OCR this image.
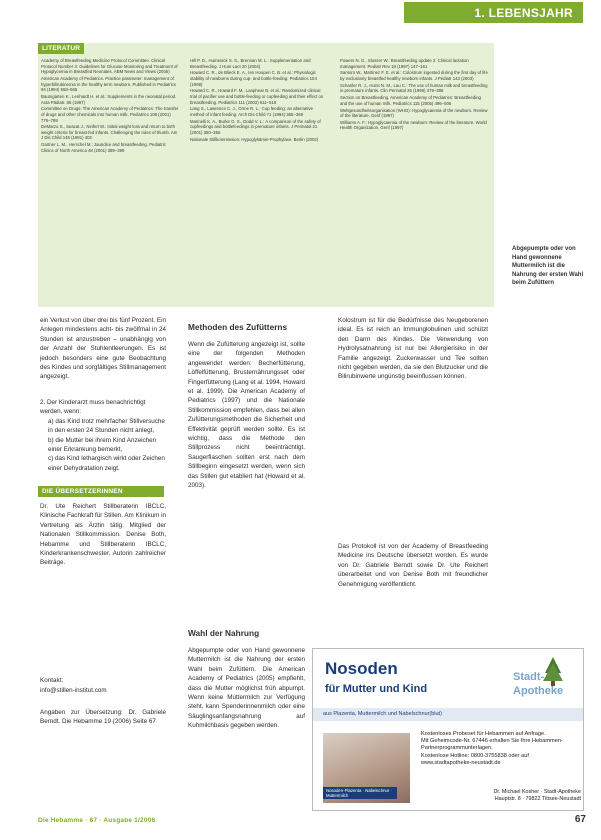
1. LEBENSJAHR
LITERATUR

Academy of Breastfeeding Medicine Protocol Committee. Clinical Protocol Number 3: Guidelines for Glucose Monitoring and Treatment of Hypoglycemia in Breastfed Neonates. ABM News and Views (2006)

American Academy of Pediatrics. Practice parameter: management of hyperbilirubinemia in the healthy term newborn. Published in Pediatrics 94 (1994) 558–565

Baumgarten K., Lenhardt H. et al.: Supplements in the neonatal period. Acta Pädiatr. 86 (1997)

Committee on Drugs. The American Academy of Pediatrics: The transfer of drugs and other chemicals into human milk. Pediatrics 108 (2001) 776–789

DeMarzo S., Seacat J., Neifert M.: Initial weight loss and return to birth weight criteria for breast-fed infants. Challenging the rules of thumb. Am J Dis Child 145 (1991) 402

Gartner L. M., Herschel M.: Jaundice and breastfeeding. Pediatric Clinics of North America 48 (2001) 389–399

Hill P. D., Humenick S. S., Brennan M. L.: Supplementation and Breastfeeding. J Hum Lact 20 (2004)

Howard C. R., de Blieck E. A., ten Hoopen C. B. et al.: Physiologic stability of newborns during cup- and bottle-feeding. Pediatrics 104 (1999)

Howard C. R., Howard F. M., Lanphear B. et al.: Randomized clinical trial of pacifier use and bottle-feeding or cupfeeding and their effect on breastfeeding. Pediatrics 111 (2003) 511–518

Lang S., Lawrence C. J., Orme R. L.: Cup feeding: an alternative method of infant feeding. Arch Dis Child 71 (1994) 365–369

Marinelli K. A., Burke G. S., Dodd V. L.: A comparison of the safety of cupfeedings and bottlefeedings in premature infants. J Perinatol 21 (2001) 350–355

Nationale Stillkommission: Hypoglykämie-Prophylaxe. Berlin (2002)

Powers N. G., Slusser W.: Breastfeeding update 2: Clinical lactation management. Pediatr Rev 18 (1997) 147–161

Santoro W., Martinez F. E. et al.: Colostrum ingested during the first day of life by exclusively breastfed healthy newborn infants. J Pediatr 143 (2003)

Schanler R. J., Hurst N. M., Lau C.: The use of human milk and breastfeeding in premature infants. Clin Perinatol 26 (1999) 379–398

Section on Breastfeeding. American Academy of Pediatrics: Breastfeeding and the use of human milk. Pediatrics 115 (2005) 496–506

Weltgesundheitsorganisation (WHO): Hypoglycaemia of the newborn. Review of the literature. Genf (1997)

Williams A. F.: Hypoglycaemia of the newborn: Review of the literature. World Health Organization, Genf (1997)

Abgepumpte oder von Hand gewonnene Muttermilch ist die Nahrung der ersten Wahl beim Zufüttern
ein Verlust von über drei bis fünf Prozent. Ein Anlegen mindestens acht- bis zwölfmal in 24 Stunden ist anzustreben – unabhängig von der Anzahl der Stuhlentleerungen. Es ist jedoch besonders eine gute Beobachtung des Kindes und sorgfältiges Stillmanagement angezeigt.

2. Der Kinderarzt muss benachrichtigt werden, wenn:

a) das Kind trotz mehrfacher Stillversuche in den ersten 24 Stunden nicht anlegt,

b) die Mutter bei ihrem Kind Anzeichen einer Erkrankung bemerkt,

c) das Kind lethargisch wirkt oder Zeichen einer Dehydratation zeigt.

DIE ÜBERSETZERINNEN
Dr. Ute Reichert Stillberaterin IBCLC, Klinische Fachkraft für Stillen. Am Klinikum in Vertretung als Ärztin tätig. Mitglied der Nationalen Stillkommission. Denise Both, Hebamme und Stillberaterin IBCLC, Kinderkrankenschwester, Autorin zahlreicher Beiträge.
Kontakt:
info@stillen-institut.com
Angaben zur Übersetzung: Dr. Gabriele Berndt. Die Hebamme 19 (2006) Seite 67
Methoden des Zufütterns
Wenn die Zufütterung angezeigt ist, sollte eine der folgenden Methoden angewendet werden: Becherfütterung, Löffelfütterung, Brusternährungsset oder Fingerfütterung (Lang et al. 1994, Howard et al. 1999). Die American Academy of Pediatrics (1997) und die Nationale Stillkommission empfehlen, dass bei allen Zufütterungsmethoden die Sicherheit und Effektivität geprüft werden sollte. Es ist wichtig, dass die Methode den Stillprozess nicht beeinträchtigt. Saugerflaschen sollten erst nach dem Stillbeginn eingesetzt werden, wenn sich das Stillen gut etabliert hat (Howard et al. 2003).
Wahl der Nahrung
Abgepumpte oder von Hand gewonnene Muttermilch ist die Nahrung der ersten Wahl beim Zufüttern. Die American Academy of Pediatrics (2005) empfiehlt, dass die Mutter möglichst früh abpumpt. Wenn keine Muttermilch zur Verfügung steht, kann Spenderinnenmilch oder eine Säuglingsanfangsnahrung auf Kuhmilchbasis gegeben werden.
Kolostrum ist für die Bedürfnisse des Neugeborenen ideal. Es ist reich an Immunglobulinen und schützt den Darm des Kindes. Die Verwendung von Hydrolysatnahrung ist nur bei Allergierisiko in der Familie angezeigt. Zuckerwasser und Tee sollten nicht gegeben werden, da sie den Blutzucker und die Bilirubinwerte ungünstig beeinflussen können.
Das Protokoll ist von der Academy of Breastfeeding Medicine ins Deutsche übersetzt worden. Es wurde von Dr. Gabriele Berndt sowie Dr. Ute Reichert überarbeitet und von Denise Both mit freundlicher Genehmigung veröffentlicht.
Nosoden
für Mutter und Kind
Stadt-
Apotheke
aus Plazenta, Muttermilch und Nabelschnur(blut)
Nosoden-Plazenta · Nabelschnur · Muttermilch

Kostenloses Probeset für Hebammen auf Anfrage.

Mit Geheimcode-Nr. 67446 erhalten Sie Ihre Hebammen-Partnerprogrammunterlagen.

Kostenlose Hotline: 0800-3755838 oder auf www.stadtapotheke-neustadt.de

Dr. Michael Kosher · Stadt-Apotheke

Hauptstr. 8 · 79822 Titisee-Neustadt

Die Hebamme · 67 · Ausgabe 1/2006	67
